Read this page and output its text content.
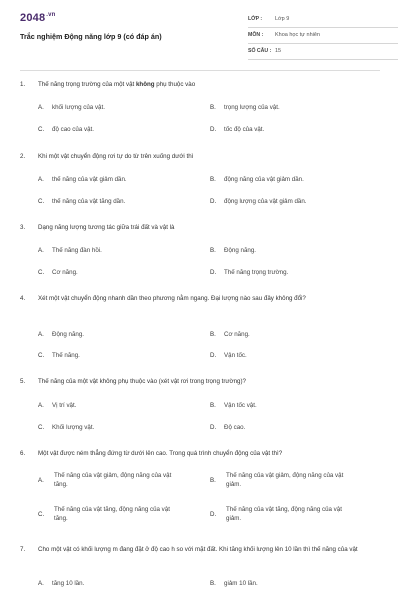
$2048^{.vn}$
Trắc nghiệm Động năng lớp 9 (có đáp án)
LỚP : Lớp 9
MÔN : Khoa học tự nhiên
SỐ CÂU : 15
1.	Thế năng trọng trường của một vật không phụ thuộc vào
A. khối lượng của vật.	B. trọng lượng của vật.
C. độ cao của vật.	D. tốc độ của vật.
2.	Khi một vật chuyển động rơi tự do từ trên xuống dưới thì
A. thế năng của vật giảm dần.	B. động năng của vật giảm dần.
C. thế năng của vật tăng dần.	D. động lượng của vật giảm dần.
3.	Dạng năng lượng tương tác giữa trái đất và vật là
A. Thế năng đàn hồi.	B. Động năng.
C. Cơ năng.	D. Thế năng trọng trường.
4.	Xét một vật chuyển động nhanh dần theo phương nằm ngang. Đại lượng nào sau đây không đổi?
A. Động năng.	B. Cơ năng.
C. Thế năng.	D. Vận tốc.
5.	Thế năng của một vật không phụ thuộc vào (xét vật rơi trong trọng trường)?
A. Vị trí vật.	B. Vận tốc vật.
C. Khối lượng vật.	D. Độ cao.
6.	Một vật được ném thẳng đứng từ dưới lên cao. Trong quá trình chuyển động của vật thì?
A.
Thế năng của vật giảm, động năng của vật tăng.
B.
Thế năng của vật giảm, động năng của vật giảm.
C.
Thế năng của vật tăng, động năng của vật tăng.
D.
Thế năng của vật tăng, động năng của vật giảm.
7.	Cho một vật có khối lượng m đang đặt ở độ cao h so với mặt đất. Khi tăng khối lượng lên 10 lần thì thế năng của vật
A. tăng 10 lần.	B. giảm 10 lần.
